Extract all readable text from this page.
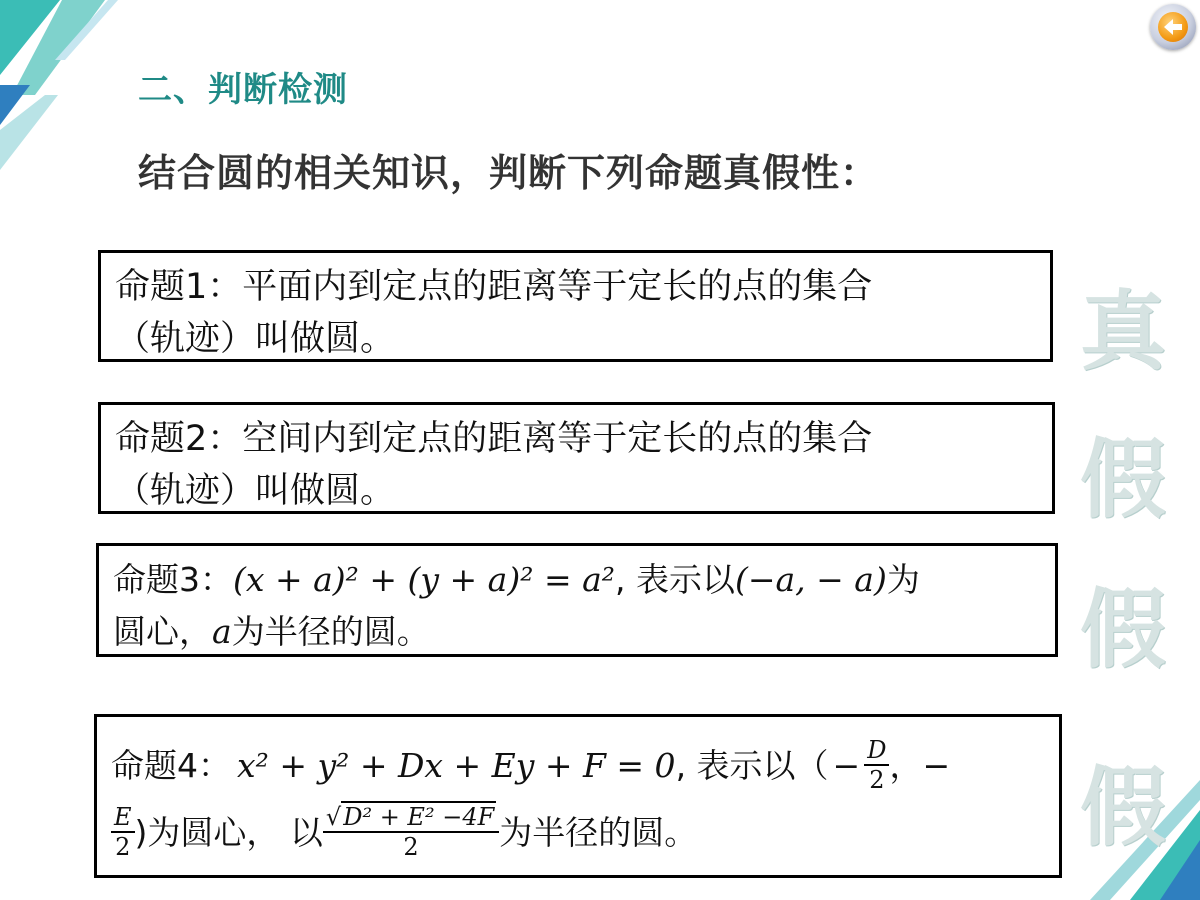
二、判断检测
结合圆的相关知识，判断下列命题真假性：
命题1：平面内到定点的距离等于定长的点的集合
（轨迹）叫做圆。
命题2：空间内到定点的距离等于定长的点的集合
（轨迹）叫做圆。
命题3：(x + a)² + (y + a)² = a², 表示以(−a, − a)为
圆心，a为半径的圆。
命题4： x² + y² + Dx + Ey + F = 0 , 表示以（ − $\frac{D}{2}$ ，−
$\frac{E}{2}$ )为圆心， 以 $\frac{\text{√D² + E² −4F}}{2}$ 为半径的圆。
真
假
假
假
